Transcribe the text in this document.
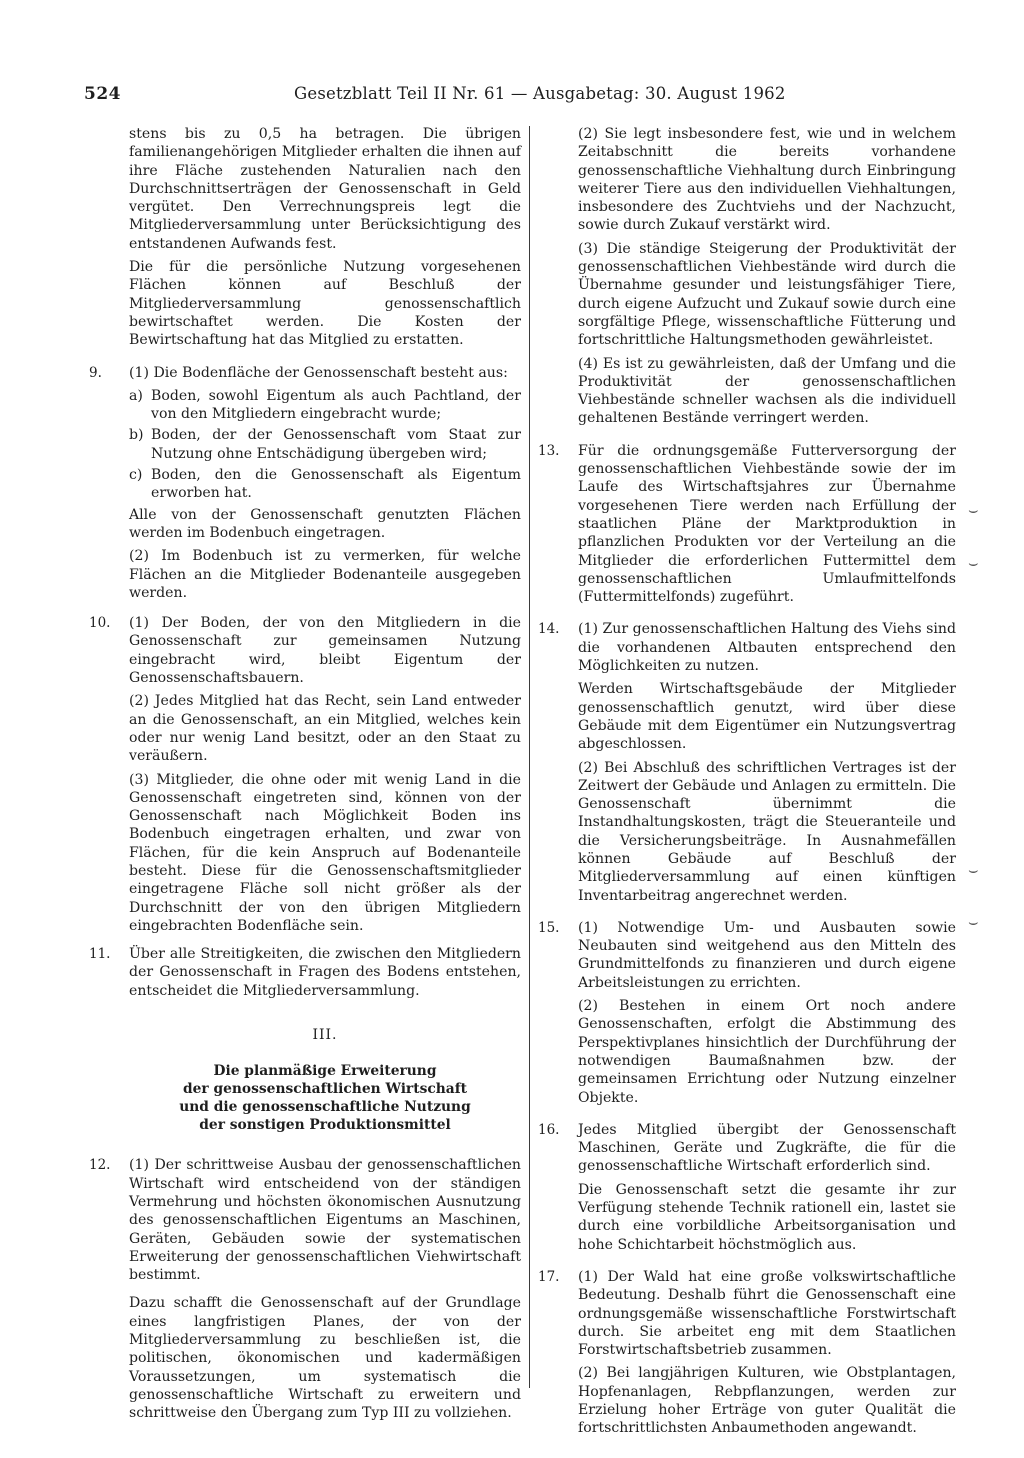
524	Gesetzblatt Teil II Nr. 61 — Ausgabetag: 30. August 1962
stens bis zu 0,5 ha betragen. Die übrigen familienangehörigen Mitglieder erhalten die ihnen auf ihre Fläche zustehenden Naturalien nach den Durchschnittserträgen der Genossenschaft in Geld vergütet. Den Verrechnungspreis legt die Mitgliederversammlung unter Berücksichtigung des entstandenen Aufwands fest.
Die für die persönliche Nutzung vorgesehenen Flächen können auf Beschluß der Mitgliederversammlung genossenschaftlich bewirtschaftet werden. Die Kosten der Bewirtschaftung hat das Mitglied zu erstatten.
9.	(1) Die Bodenfläche der Genossenschaft besteht aus:
a) Boden, sowohl Eigentum als auch Pachtland, der von den Mitgliedern eingebracht wurde;
b) Boden, der der Genossenschaft vom Staat zur Nutzung ohne Entschädigung übergeben wird;
c) Boden, den die Genossenschaft als Eigentum erworben hat.
Alle von der Genossenschaft genutzten Flächen werden im Bodenbuch eingetragen.
(2) Im Bodenbuch ist zu vermerken, für welche Flächen an die Mitglieder Bodenanteile ausgegeben werden.
10.	(1) Der Boden, der von den Mitgliedern in die Genossenschaft zur gemeinsamen Nutzung eingebracht wird, bleibt Eigentum der Genossenschaftsbauern.
(2) Jedes Mitglied hat das Recht, sein Land entweder an die Genossenschaft, an ein Mitglied, welches kein oder nur wenig Land besitzt, oder an den Staat zu veräußern.
(3) Mitglieder, die ohne oder mit wenig Land in die Genossenschaft eingetreten sind, können von der Genossenschaft nach Möglichkeit Boden ins Bodenbuch eingetragen erhalten, und zwar von Flächen, für die kein Anspruch auf Bodenanteile besteht. Diese für die Genossenschaftsmitglieder eingetragene Fläche soll nicht größer als der Durchschnitt der von den übrigen Mitgliedern eingebrachten Bodenfläche sein.
11.	Über alle Streitigkeiten, die zwischen den Mitgliedern der Genossenschaft in Fragen des Bodens entstehen, entscheidet die Mitgliederversammlung.
III.
Die planmäßige Erweiterung
der genossenschaftlichen Wirtschaft
und die genossenschaftliche Nutzung
der sonstigen Produktionsmittel
12.	(1) Der schrittweise Ausbau der genossenschaftlichen Wirtschaft wird entscheidend von der ständigen Vermehrung und höchsten ökonomischen Ausnutzung des genossenschaftlichen Eigentums an Maschinen, Geräten, Gebäuden sowie der systematischen Erweiterung der genossenschaftlichen Viehwirtschaft bestimmt.
Dazu schafft die Genossenschaft auf der Grundlage eines langfristigen Planes, der von der Mitgliederversammlung zu beschließen ist, die politischen, ökonomischen und kadermäßigen Voraussetzungen, um systematisch die genossenschaftliche Wirtschaft zu erweitern und schrittweise den Übergang zum Typ III zu vollziehen.
(2) Sie legt insbesondere fest, wie und in welchem Zeitabschnitt die bereits vorhandene genossenschaftliche Viehhaltung durch Einbringung weiterer Tiere aus den individuellen Viehhaltungen, insbesondere des Zuchtviehs und der Nachzucht, sowie durch Zukauf verstärkt wird.
(3) Die ständige Steigerung der Produktivität der genossenschaftlichen Viehbestände wird durch die Übernahme gesunder und leistungsfähiger Tiere, durch eigene Aufzucht und Zukauf sowie durch eine sorgfältige Pflege, wissenschaftliche Fütterung und fortschrittliche Haltungsmethoden gewährleistet.
(4) Es ist zu gewährleisten, daß der Umfang und die Produktivität der genossenschaftlichen Viehbestände schneller wachsen als die individuell gehaltenen Bestände verringert werden.
13.	Für die ordnungsgemäße Futterversorgung der genossenschaftlichen Viehbestände sowie der im Laufe des Wirtschaftsjahres zur Übernahme vorgesehenen Tiere werden nach Erfüllung der staatlichen Pläne der Marktproduktion in pflanzlichen Produkten vor der Verteilung an die Mitglieder die erforderlichen Futtermittel dem genossenschaftlichen Umlaufmittelfonds (Futtermittelfonds) zugeführt.
14.	(1) Zur genossenschaftlichen Haltung des Viehs sind die vorhandenen Altbauten entsprechend den Möglichkeiten zu nutzen.
Werden Wirtschaftsgebäude der Mitglieder genossenschaftlich genutzt, wird über diese Gebäude mit dem Eigentümer ein Nutzungsvertrag abgeschlossen.
(2) Bei Abschluß des schriftlichen Vertrages ist der Zeitwert der Gebäude und Anlagen zu ermitteln. Die Genossenschaft übernimmt die Instandhaltungskosten, trägt die Steueranteile und die Versicherungsbeiträge. In Ausnahmefällen können Gebäude auf Beschluß der Mitgliederversammlung auf einen künftigen Inventarbeitrag angerechnet werden.
15.	(1) Notwendige Um- und Ausbauten sowie Neubauten sind weitgehend aus den Mitteln des Grundmittelfonds zu finanzieren und durch eigene Arbeitsleistungen zu errichten.
(2) Bestehen in einem Ort noch andere Genossenschaften, erfolgt die Abstimmung des Perspektivplanes hinsichtlich der Durchführung der notwendigen Baumaßnahmen bzw. der gemeinsamen Errichtung oder Nutzung einzelner Objekte.
16.	Jedes Mitglied übergibt der Genossenschaft Maschinen, Geräte und Zugkräfte, die für die genossenschaftliche Wirtschaft erforderlich sind.
Die Genossenschaft setzt die gesamte ihr zur Verfügung stehende Technik rationell ein, lastet sie durch eine vorbildliche Arbeitsorganisation und hohe Schichtarbeit höchstmöglich aus.
17.	(1) Der Wald hat eine große volkswirtschaftliche Bedeutung. Deshalb führt die Genossenschaft eine ordnungsgemäße wissenschaftliche Forstwirtschaft durch. Sie arbeitet eng mit dem Staatlichen Forstwirtschaftsbetrieb zusammen.
(2) Bei langjährigen Kulturen, wie Obstplantagen, Hopfenanlagen, Rebpflanzungen, werden zur Erzielung hoher Erträge von guter Qualität die fortschrittlichsten Anbaumethoden angewandt.
⌣
⌣
⌣
⌣
